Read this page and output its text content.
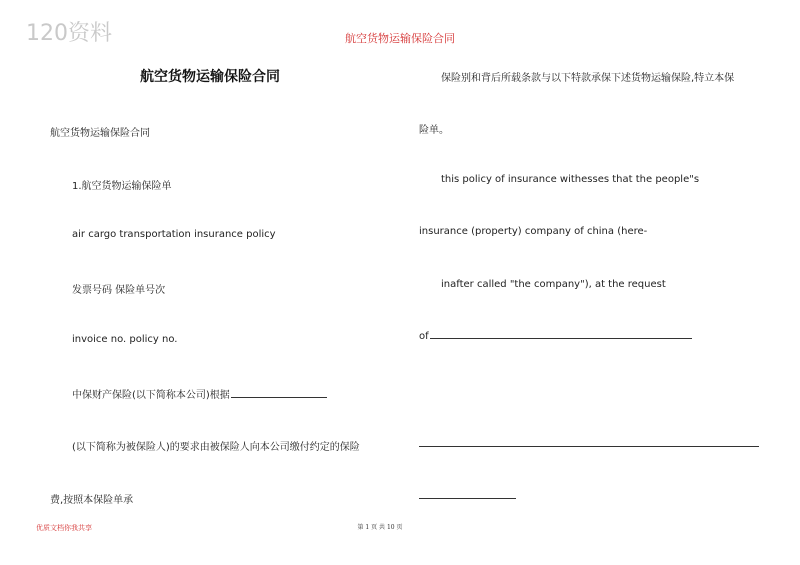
120资料	航空货物运输保险合同
航空货物运输保险合同
航空货物运输保险合同
1.航空货物运输保险单
air cargo transportation insurance policy
发票号码 保险单号次
invoice no. policy no.
中保财产保险(以下简称本公司)根据
(以下简称为被保险人)的要求由被保险人向本公司缴付约定的保险
费,按照本保险单承
保险别和背后所载条款与以下特款承保下述货物运输保险,特立本保
险单。
this policy of insurance withesses that the people"s
insurance (property) company of china (here-
inafter called "the company"), at the request
of
优质文档你我共享	第 1 页 共 10 页
